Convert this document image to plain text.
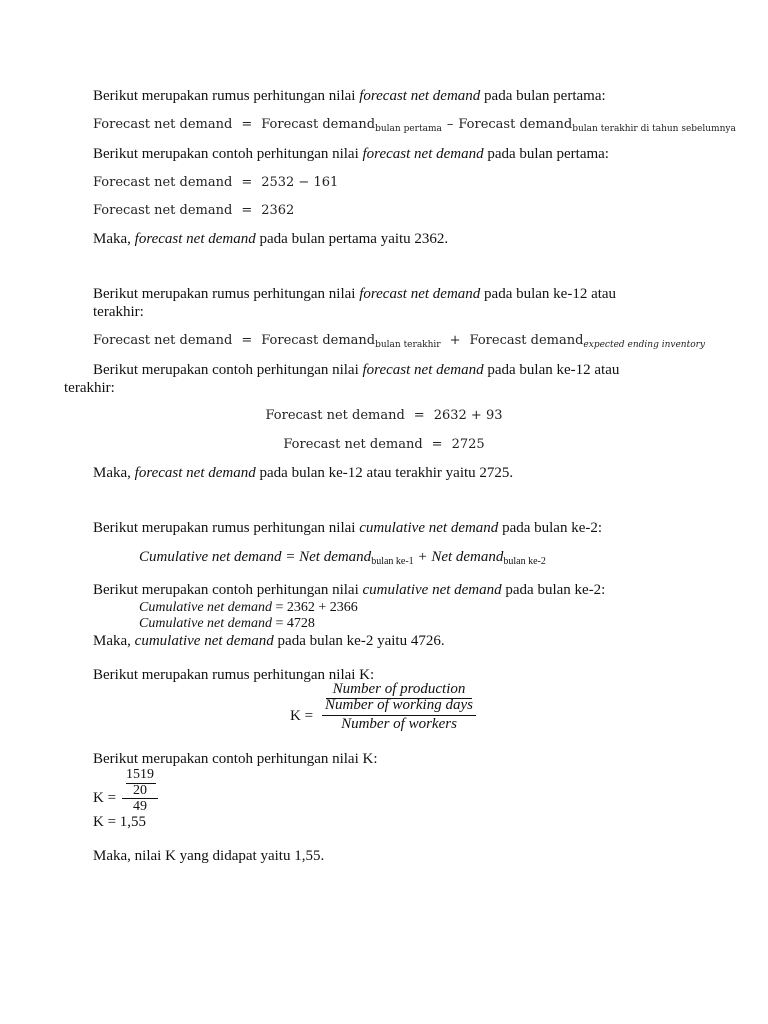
Berikut merupakan rumus perhitungan nilai forecast net demand pada bulan pertama:
Forecast net demand = Forecast demand$_{bulan pertama}$ – Forecast demand$_{bulan terakhir di tahun sebelumnya}$
Berikut merupakan contoh perhitungan nilai forecast net demand pada bulan pertama:
Forecast net demand = 2532 − 161
Forecast net demand = 2362
Maka, forecast net demand pada bulan pertama yaitu 2362.
Berikut merupakan rumus perhitungan nilai forecast net demand pada bulan ke-12 atau
terakhir:
Forecast net demand = Forecast demand$_{bulan terakhir}$ + Forecast demand$_{expected ending inventory}$
Berikut merupakan contoh perhitungan nilai forecast net demand pada bulan ke-12 atau
terakhir:
Forecast net demand = 2632 + 93
Forecast net demand = 2725
Maka, forecast net demand pada bulan ke-12 atau terakhir yaitu 2725.
Berikut merupakan rumus perhitungan nilai cumulative net demand pada bulan ke-2:
Cumulative net demand = Net demand$_{bulan ke-1}$ + Net demand$_{bulan ke-2}$
Berikut merupakan contoh perhitungan nilai cumulative net demand pada bulan ke-2:
Cumulative net demand = 2362 + 2366
Cumulative net demand = 4728
Maka, cumulative net demand pada bulan ke-2 yaitu 4726.
Berikut merupakan rumus perhitungan nilai K:
K =
Number of production
Number of working days
Number of workers
Berikut merupakan contoh perhitungan nilai K:
K =
1519
20
49
K = 1,55
Maka, nilai K yang didapat yaitu 1,55.
